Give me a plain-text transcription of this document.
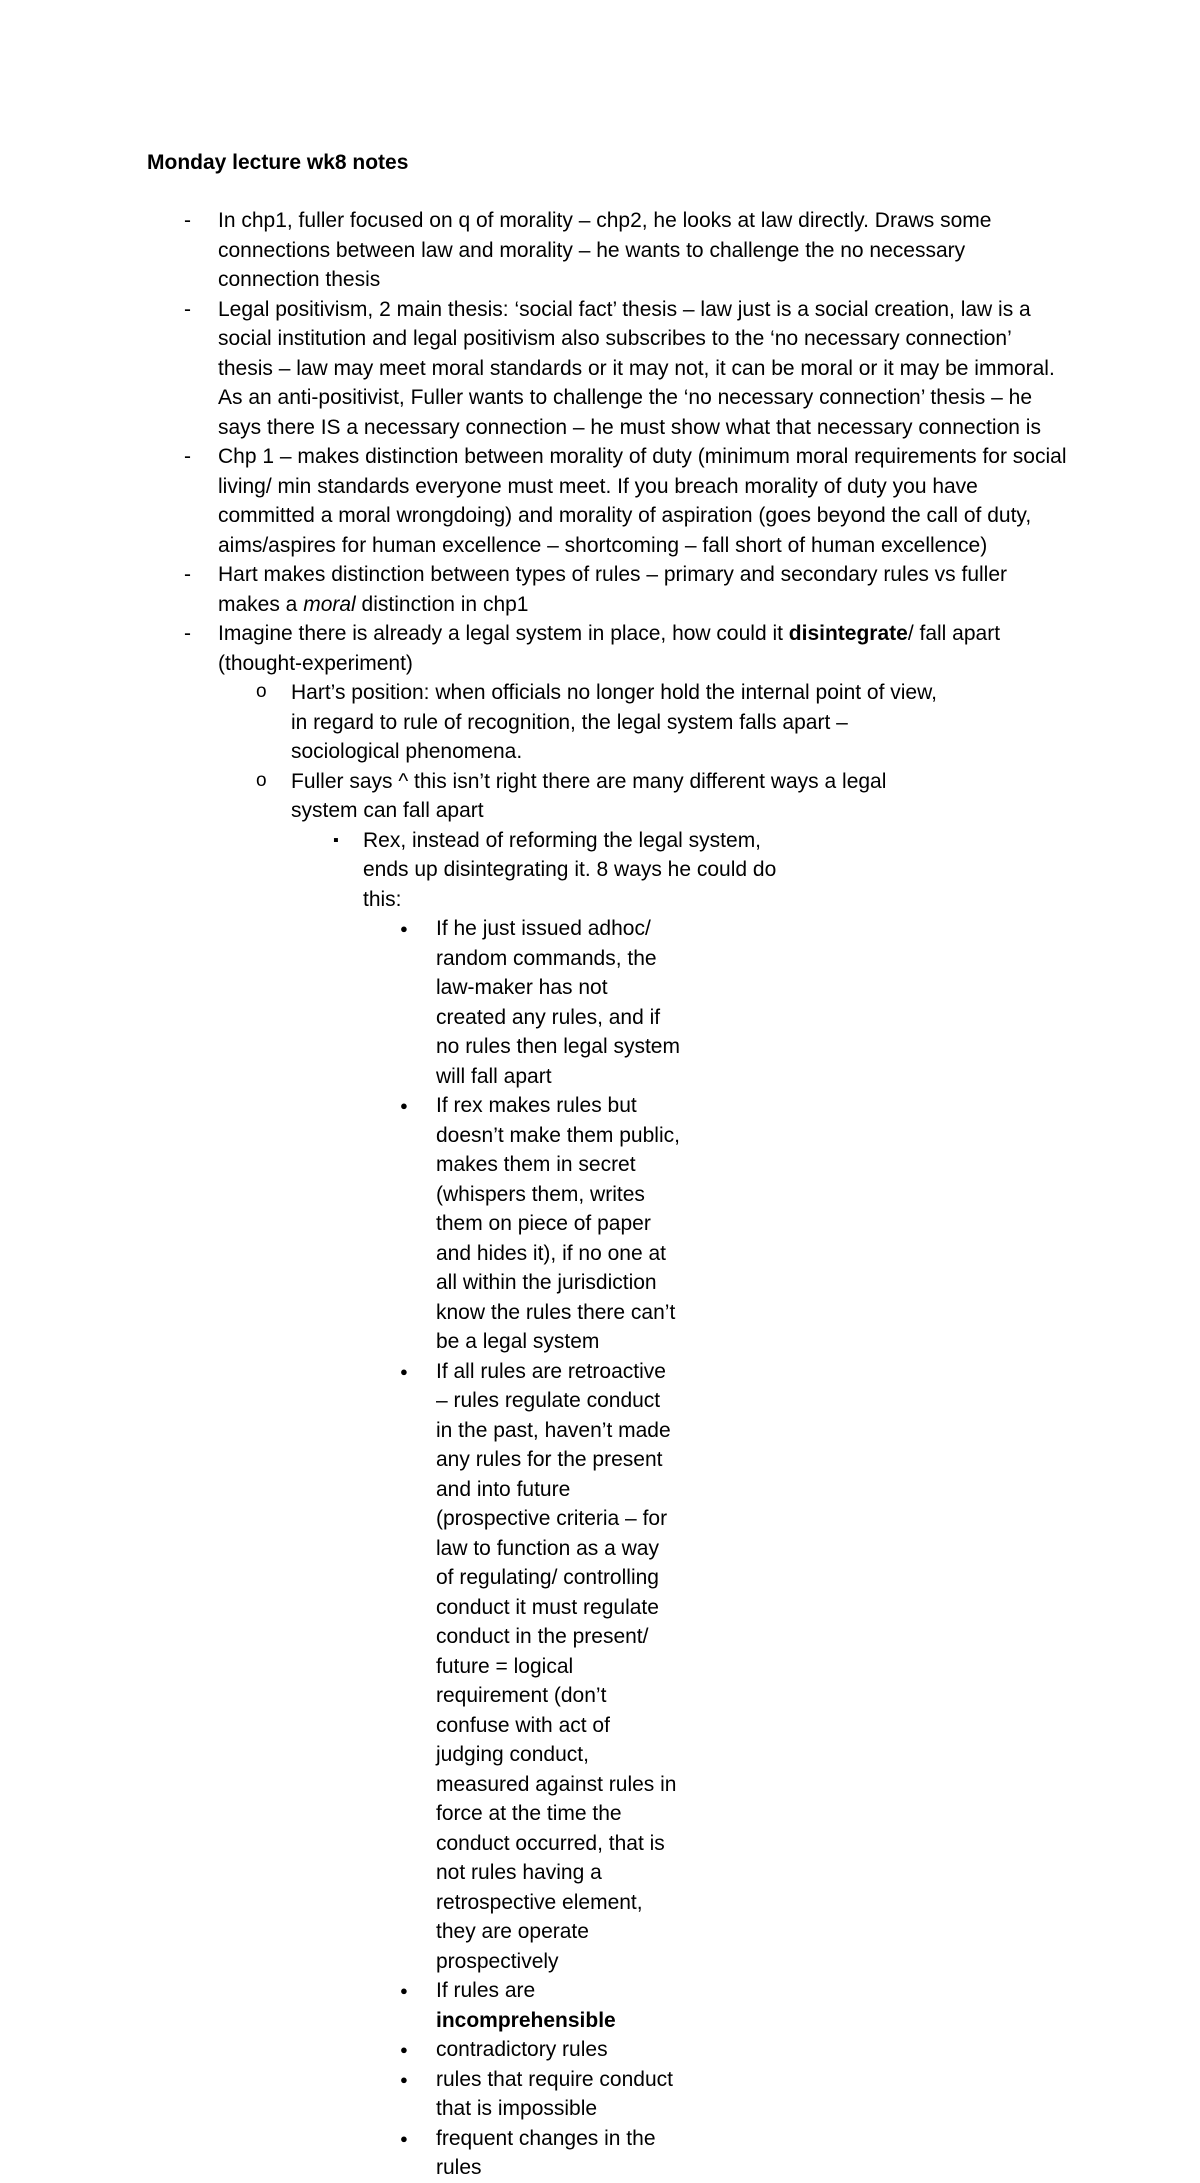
Monday lecture wk8 notes

- In chp1, fuller focused on q of morality – chp2, he looks at law directly. Draws some connections between law and morality – he wants to challenge the no necessary connection thesis
- Legal positivism, 2 main thesis: ‘social fact’ thesis – law just is a social creation, law is a social institution and legal positivism also subscribes to the ‘no necessary connection’ thesis – law may meet moral standards or it may not, it can be moral or it may be immoral. As an anti-positivist, Fuller wants to challenge the ‘no necessary connection’ thesis – he says there IS a necessary connection – he must show what that necessary connection is
- Chp 1 – makes distinction between morality of duty (minimum moral requirements for social living/ min standards everyone must meet. If you breach morality of duty you have committed a moral wrongdoing) and morality of aspiration (goes beyond the call of duty, aims/aspires for human excellence – shortcoming – fall short of human excellence)
- Hart makes distinction between types of rules – primary and secondary rules vs fuller makes a moral distinction in chp1
- Imagine there is already a legal system in place, how could it disintegrate/ fall apart (thought-experiment)
o Hart’s position: when officials no longer hold the internal point of view, in regard to rule of recognition, the legal system falls apart – sociological phenomena.
o Fuller says ^ this isn’t right there are many different ways a legal system can fall apart
▪ Rex, instead of reforming the legal system, ends up disintegrating it. 8 ways he could do this:
● If he just issued adhoc/ random commands, the law-maker has not created any rules, and if no rules then legal system will fall apart
● If rex makes rules but doesn’t make them public, makes them in secret (whispers them, writes them on piece of paper and hides it), if no one at all within the jurisdiction know the rules there can’t be a legal system
● If all rules are retroactive – rules regulate conduct in the past, haven’t made any rules for the present and into future (prospective criteria – for law to function as a way of regulating/ controlling conduct it must regulate conduct in the present/ future = logical requirement (don’t confuse with act of judging conduct, measured against rules in force at the time the conduct occurred, that is not rules having a retrospective element, they are operate prospectively
● If rules are incomprehensible
● contradictory rules
● rules that require conduct that is impossible
● frequent changes in the rules
